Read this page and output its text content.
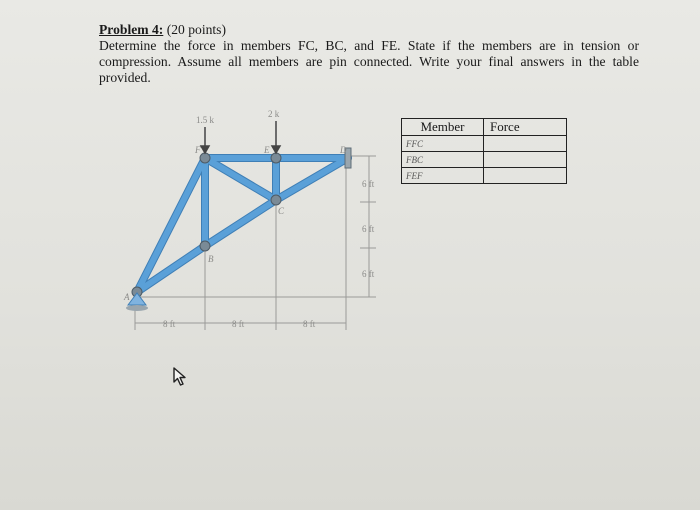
Problem 4: (20 points)
Determine the force in members FC, BC, and FE. State if the members are in tension or compression. Assume all members are pin connected. Write your final answers in the table provided.
1.5 k
2 k
A
B
C
D
E
F
8 ft	8 ft	8 ft
6 ft
6 ft
6 ft
Member	Force
FFC	
FBC	
FEF	
